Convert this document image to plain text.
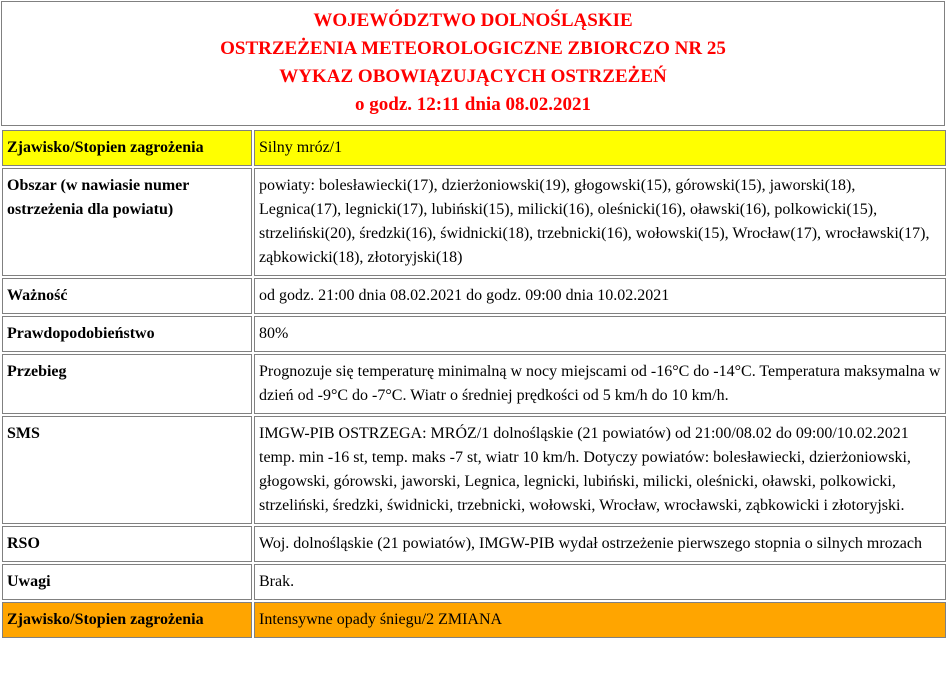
WOJEWÓDZTWO DOLNOŚLĄSKIE
OSTRZEŻENIA METEOROLOGICZNE ZBIORCZO NR 25
WYKAZ OBOWIĄZUJĄCYCH OSTRZEŻEŃ
o godz. 12:11 dnia 08.02.2021
Zjawisko/Stopien zagrożenia	Silny mróz/1
Obszar (w nawiasie numer ostrzeżenia dla powiatu)	powiaty: bolesławiecki(17), dzierżoniowski(19), głogowski(15), górowski(15), jaworski(18), Legnica(17), legnicki(17), lubiński(15), milicki(16), oleśnicki(16), oławski(16), polkowicki(15), strzeliński(20), średzki(16), świdnicki(18), trzebnicki(16), wołowski(15), Wrocław(17), wrocławski(17), ząbkowicki(18), złotoryjski(18)
Ważność	od godz. 21:00 dnia 08.02.2021 do godz. 09:00 dnia 10.02.2021
Prawdopodobieństwo	80%
Przebieg	Prognozuje się temperaturę minimalną w nocy miejscami od -16°C do -14°C. Temperatura maksymalna w dzień od -9°C do -7°C. Wiatr o średniej prędkości od 5 km/h do 10 km/h.
SMS	IMGW-PIB OSTRZEGA: MRÓZ/1 dolnośląskie (21 powiatów) od 21:00/08.02 do 09:00/10.02.2021 temp. min -16 st, temp. maks -7 st, wiatr 10 km/h. Dotyczy powiatów: bolesławiecki, dzierżoniowski, głogowski, górowski, jaworski, Legnica, legnicki, lubiński, milicki, oleśnicki, oławski, polkowicki, strzeliński, średzki, świdnicki, trzebnicki, wołowski, Wrocław, wrocławski, ząbkowicki i złotoryjski.
RSO	Woj. dolnośląskie (21 powiatów), IMGW-PIB wydał ostrzeżenie pierwszego stopnia o silnych mrozach
Uwagi	Brak.
Zjawisko/Stopien zagrożenia	Intensywne opady śniegu/2 ZMIANA
